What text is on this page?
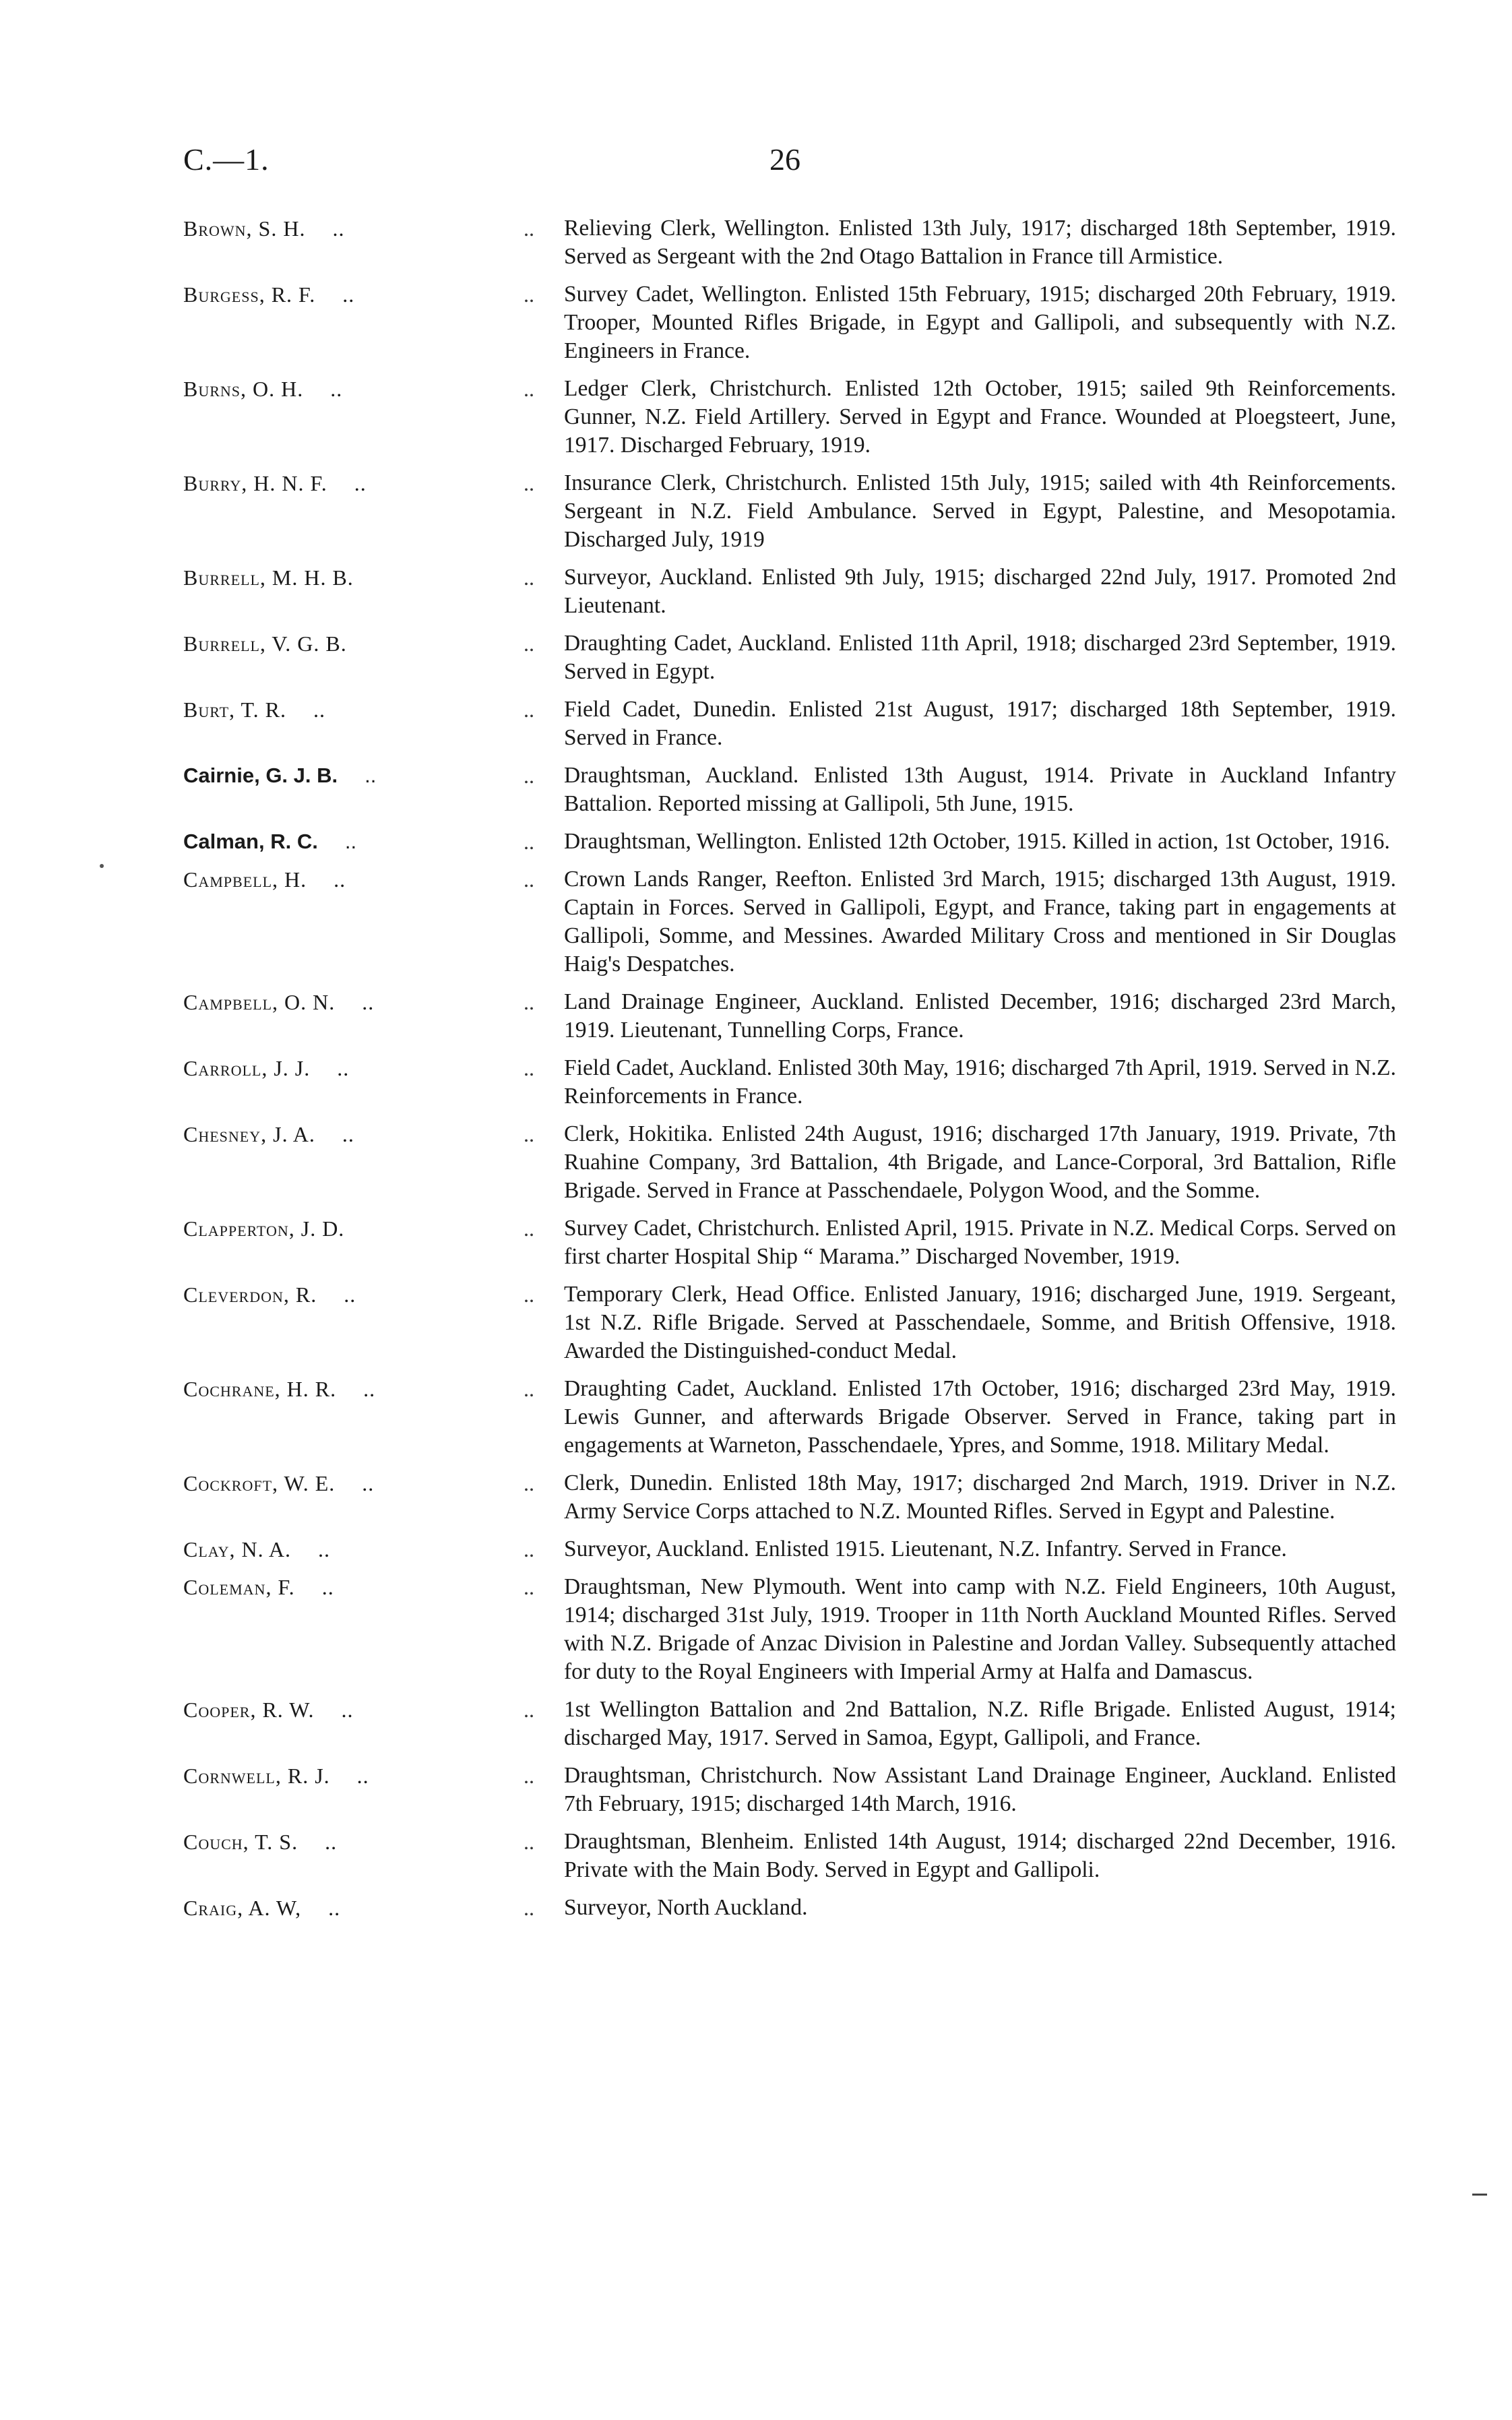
C.—1.	26
Brown, S. H. ..	..	Relieving Clerk, Wellington. Enlisted 13th July, 1917; discharged 18th September, 1919. Served as Sergeant with the 2nd Otago Battalion in France till Armistice.
Burgess, R. F. ..	..	Survey Cadet, Wellington. Enlisted 15th February, 1915; discharged 20th February, 1919. Trooper, Mounted Rifles Brigade, in Egypt and Gallipoli, and subsequently with N.Z. Engineers in France.
Burns, O. H. ..	..	Ledger Clerk, Christchurch. Enlisted 12th October, 1915; sailed 9th Reinforcements. Gunner, N.Z. Field Artillery. Served in Egypt and France. Wounded at Ploegsteert, June, 1917. Discharged February, 1919.
Burry, H. N. F. ..	..	Insurance Clerk, Christchurch. Enlisted 15th July, 1915; sailed with 4th Reinforcements. Sergeant in N.Z. Field Ambulance. Served in Egypt, Palestine, and Mesopotamia. Discharged July, 1919
Burrell, M. H. B.	..	Surveyor, Auckland. Enlisted 9th July, 1915; discharged 22nd July, 1917. Promoted 2nd Lieutenant.
Burrell, V. G. B.	..	Draughting Cadet, Auckland. Enlisted 11th April, 1918; discharged 23rd September, 1919. Served in Egypt.
Burt, T. R. ..	..	Field Cadet, Dunedin. Enlisted 21st August, 1917; discharged 18th September, 1919. Served in France.
Cairnie, G. J. B. ..	..	Draughtsman, Auckland. Enlisted 13th August, 1914. Private in Auckland Infantry Battalion. Reported missing at Gallipoli, 5th June, 1915.
Calman, R. C. ..	..	Draughtsman, Wellington. Enlisted 12th October, 1915. Killed in action, 1st October, 1916.
Campbell, H. ..	..	Crown Lands Ranger, Reefton. Enlisted 3rd March, 1915; discharged 13th August, 1919. Captain in Forces. Served in Gallipoli, Egypt, and France, taking part in engagements at Gallipoli, Somme, and Messines. Awarded Military Cross and mentioned in Sir Douglas Haig's Despatches.
Campbell, O. N. ..	..	Land Drainage Engineer, Auckland. Enlisted December, 1916; discharged 23rd March, 1919. Lieutenant, Tunnelling Corps, France.
Carroll, J. J. ..	..	Field Cadet, Auckland. Enlisted 30th May, 1916; discharged 7th April, 1919. Served in N.Z. Reinforcements in France.
Chesney, J. A. ..	..	Clerk, Hokitika. Enlisted 24th August, 1916; discharged 17th January, 1919. Private, 7th Ruahine Company, 3rd Battalion, 4th Brigade, and Lance-Corporal, 3rd Battalion, Rifle Brigade. Served in France at Passchendaele, Polygon Wood, and the Somme.
Clapperton, J. D.	..	Survey Cadet, Christchurch. Enlisted April, 1915. Private in N.Z. Medical Corps. Served on first charter Hospital Ship “ Marama.” Discharged November, 1919.
Cleverdon, R. ..	..	Temporary Clerk, Head Office. Enlisted January, 1916; discharged June, 1919. Sergeant, 1st N.Z. Rifle Brigade. Served at Passchendaele, Somme, and British Offensive, 1918. Awarded the Distinguished-conduct Medal.
Cochrane, H. R. ..	..	Draughting Cadet, Auckland. Enlisted 17th October, 1916; discharged 23rd May, 1919. Lewis Gunner, and afterwards Brigade Observer. Served in France, taking part in engagements at Warneton, Passchendaele, Ypres, and Somme, 1918. Military Medal.
Cockroft, W. E. ..	..	Clerk, Dunedin. Enlisted 18th May, 1917; discharged 2nd March, 1919. Driver in N.Z. Army Service Corps attached to N.Z. Mounted Rifles. Served in Egypt and Palestine.
Clay, N. A. ..	..	Surveyor, Auckland. Enlisted 1915. Lieutenant, N.Z. Infantry. Served in France.
Coleman, F. ..	..	Draughtsman, New Plymouth. Went into camp with N.Z. Field Engineers, 10th August, 1914; discharged 31st July, 1919. Trooper in 11th North Auckland Mounted Rifles. Served with N.Z. Brigade of Anzac Division in Palestine and Jordan Valley. Subsequently attached for duty to the Royal Engineers with Imperial Army at Halfa and Damascus.
Cooper, R. W. ..	..	1st Wellington Battalion and 2nd Battalion, N.Z. Rifle Brigade. Enlisted August, 1914; discharged May, 1917. Served in Samoa, Egypt, Gallipoli, and France.
Cornwell, R. J. ..	..	Draughtsman, Christchurch. Now Assistant Land Drainage Engineer, Auckland. Enlisted 7th February, 1915; discharged 14th March, 1916.
Couch, T. S. ..	..	Draughtsman, Blenheim. Enlisted 14th August, 1914; discharged 22nd December, 1916. Private with the Main Body. Served in Egypt and Gallipoli.
Craig, A. W, ..	..	Surveyor, North Auckland.
